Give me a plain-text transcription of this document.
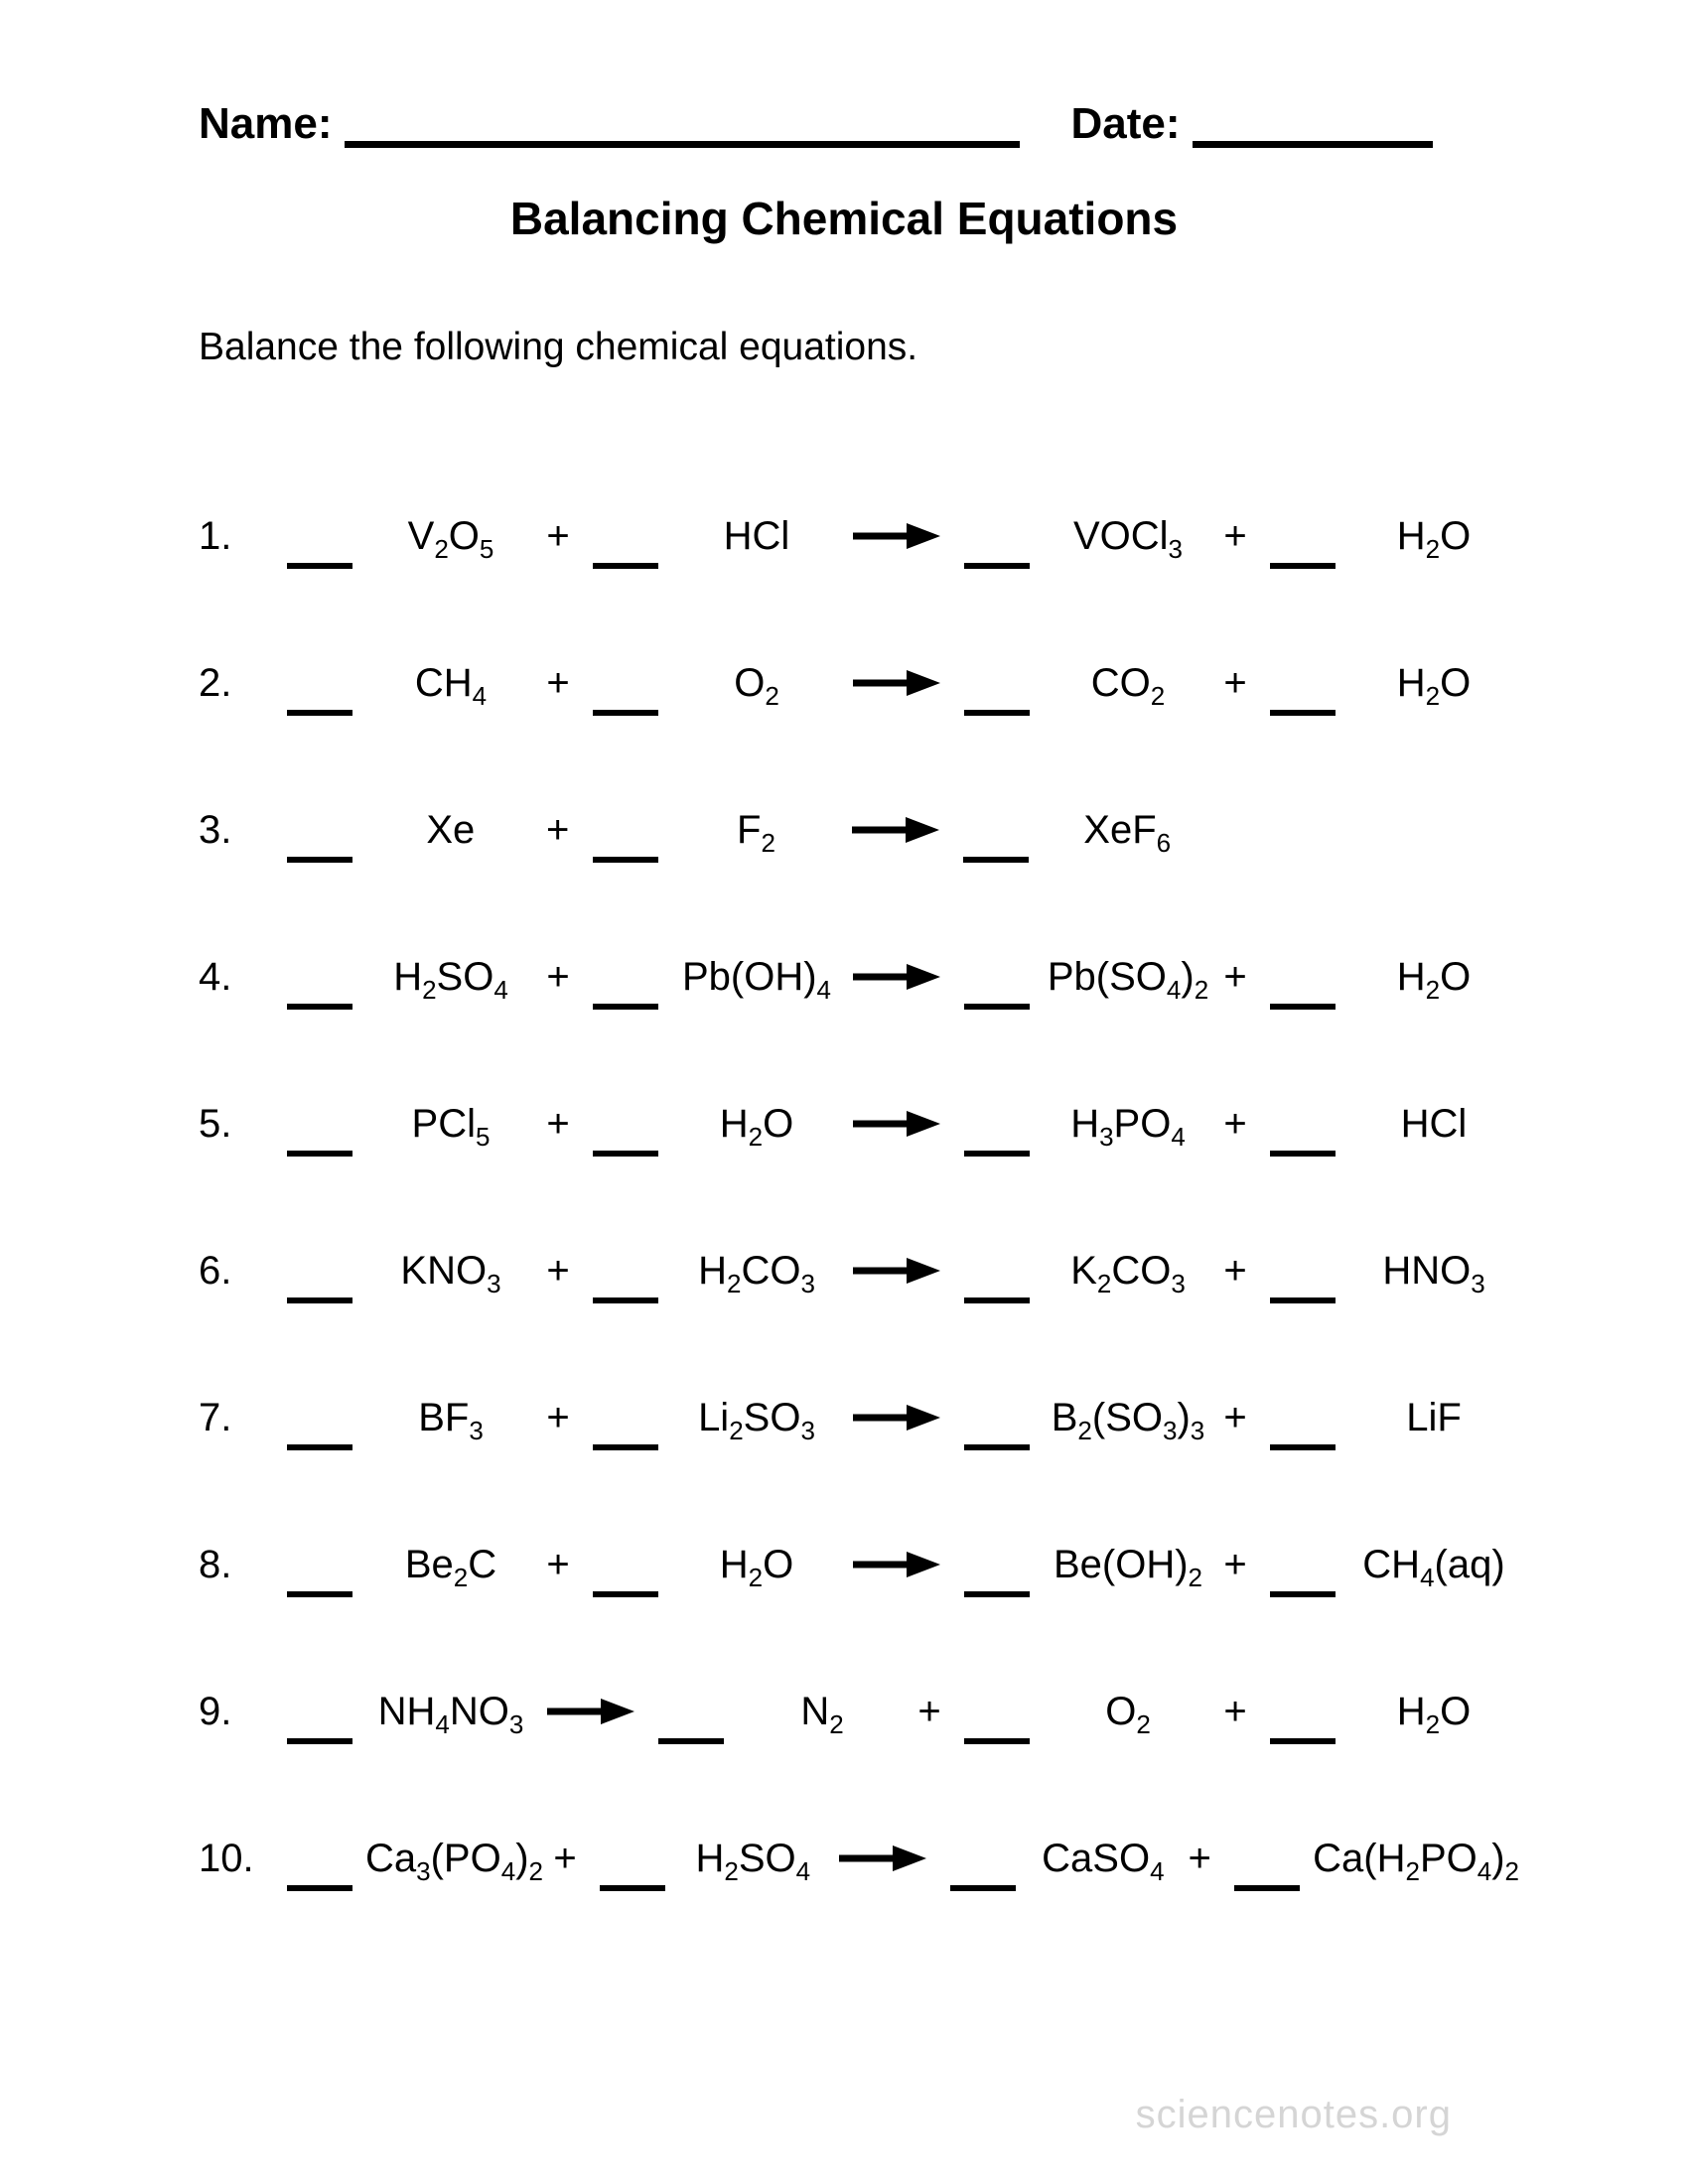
Name:	Date:
Balancing Chemical Equations

Balance the following chemical equations.

1.	$V_2O_5$	+	HCl	VOCl$_3$	+	$H_2O$
2.	$CH_4$	+	$O_2$	$CO_2$	+	$H_2O$
3.	Xe	+	$F_2$	XeF$_6$
4.	$H_2SO_4$ +	$Pb(OH)_4$	$Pb(SO_4)_2$ +	$H_2O$
5.	PCl$_5$	+	$H_2O$	$H_3PO_4$ +	HCl
6.	$KNO_3$	+	$H_2CO_3$	$K_2CO_3$ +	$HNO_3$
7.	$BF_3$	+	$Li_2SO_3$	$B_2(SO_3)_3$ +	LiF
8.	$Be_2C$	+	$H_2O$	$Be(OH)_2$ +	$CH_4(aq)$
9.	$NH_4NO_3$	$N_2$	+	$O_2$	+	$H_2O$
10.	$Ca_3(PO_4)_2$ +	$H_2SO_4$	CaSO$_4$ +	$Ca(H_2PO_4)_2$
sciencenotes.org
